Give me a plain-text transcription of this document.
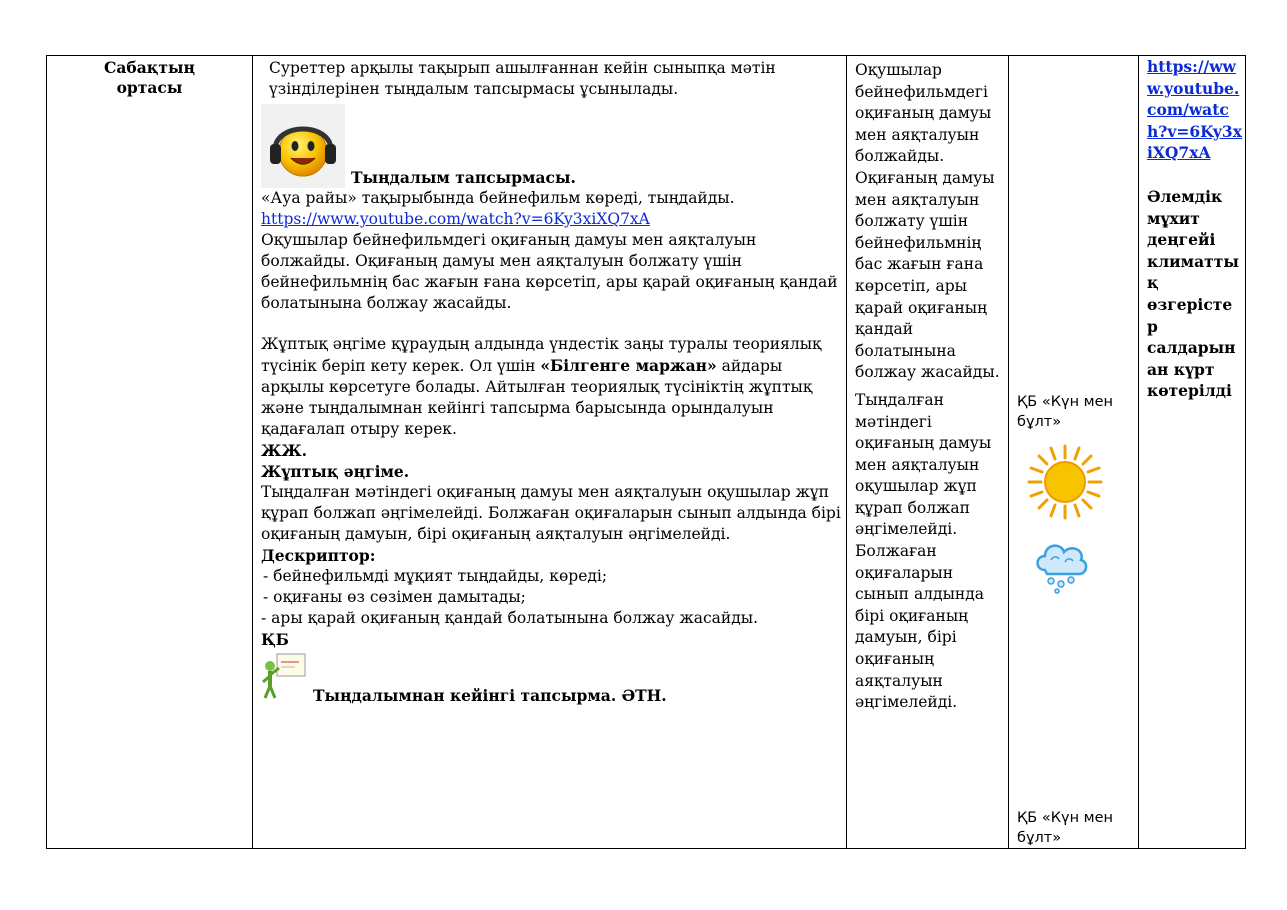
Сабақтың
ортасы

Суреттер арқылы тақырып ашылғаннан кейін сыныпқа мәтін

үзінділерінен тыңдалым тапсырмасы ұсынылады.

Тыңдалым тапсырмасы.

«Ауа райы» тақырыбында бейнефильм көреді, тыңдайды.

https://www.youtube.com/watch?v=6Ky3xiXQ7xA

Оқушылар бейнефильмдегі оқиғаның дамуы мен аяқталуын болжайды. Оқиғаның дамуы мен аяқталуын болжату үшін бейнефильмнің бас жағын ғана көрсетіп, ары қарай оқиғаның қандай болатынына болжау жасайды.

Жұптық әңгіме құраудың алдында үндестік заңы туралы теориялық түсінік беріп кету керек. Ол үшін «Білгенге маржан» айдары арқылы көрсетуге болады. Айтылған теориялық түсініктің жұптық және тыңдалымнан кейінгі тапсырма барысында орындалуын қадағалап отыру керек.

ЖЖ.

Жұптық әңгіме.

Тыңдалған мәтіндегі оқиғаның дамуы мен аяқталуын оқушылар жұп құрап болжап әңгімелейді. Болжаған оқиғаларын сынып алдында бірі оқиғаның дамуын, бірі оқиғаның аяқталуын әңгімелейді.

Дескриптор:

- бейнефильмді мұқият тыңдайды, көреді;

- оқиғаны өз сөзімен дамытады;

- ары қарай оқиғаның қандай болатынына болжау жасайды.

ҚБ

Тыңдалымнан кейінгі тапсырма. ӘТН.

Оқушылар бейнефильмдегі оқиғаның дамуы мен аяқталуын болжайды. Оқиғаның дамуы мен аяқталуын болжату үшін бейнефильмнің бас жағын ғана көрсетіп, ары қарай оқиғаның қандай болатынына болжау жасайды.

Тыңдалған мәтіндегі оқиғаның дамуы мен аяқталуын оқушылар жұп құрап болжап әңгімелейді. Болжаған оқиғаларын сынып алдында бірі оқиғаның дамуын, бірі оқиғаның аяқталуын әңгімелейді.

ҚБ «Күн мен бұлт»
ҚБ «Күн мен бұлт»
https://www.youtube.com/watch?v=6Ky3xiXQ7xA
Әлемдік мұхит деңгейі климаттық өзгерістер салдарынан күрт көтерілді
